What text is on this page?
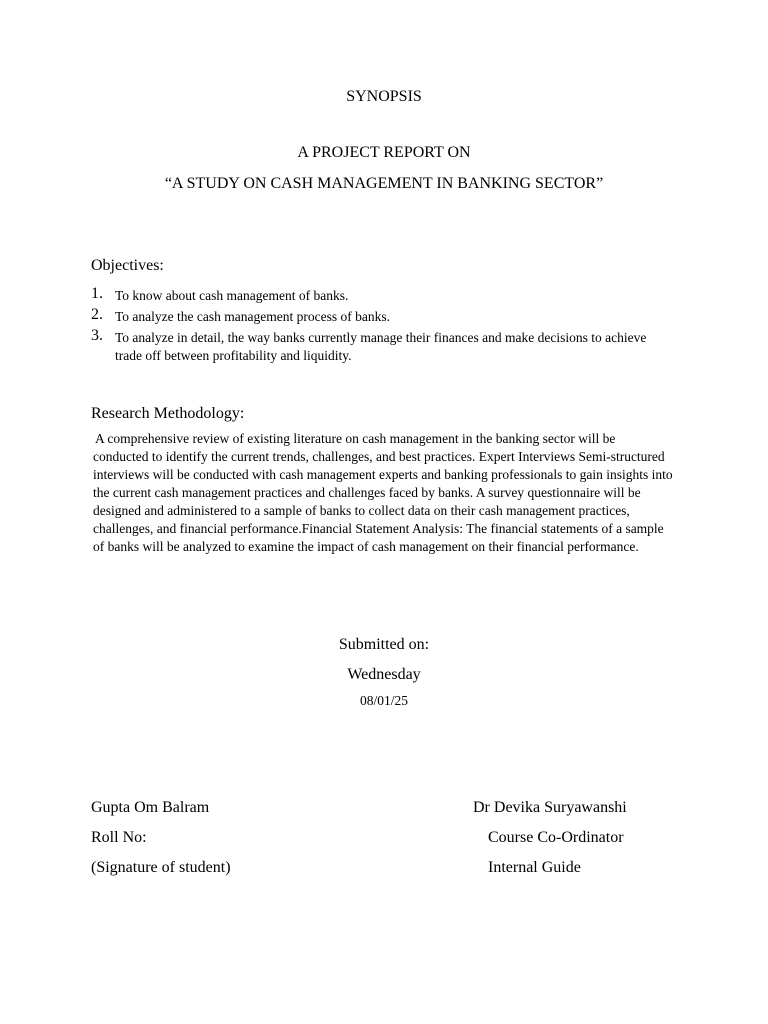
SYNOPSIS
A PROJECT REPORT ON
“A STUDY ON CASH MANAGEMENT IN BANKING SECTOR”
Objectives:
1. To know about cash management of banks.
2. To analyze the cash management process of banks.
3. To analyze in detail, the way banks currently manage their finances and make decisions to achieve trade off between profitability and liquidity.
Research Methodology:

A comprehensive review of existing literature on cash management in the banking sector will be conducted to identify the current trends, challenges, and best practices. Expert Interviews Semi-structured interviews will be conducted with cash management experts and banking professionals to gain insights into the current cash management practices and challenges faced by banks. A survey questionnaire will be designed and administered to a sample of banks to collect data on their cash management practices, challenges, and financial performance.Financial Statement Analysis: The financial statements of a sample of banks will be analyzed to examine the impact of cash management on their financial performance.

Submitted on:
Wednesday
08/01/25
Gupta Om Balram
Roll No:
(Signature of student)
Dr Devika Suryawanshi
Course Co-Ordinator
Internal Guide
